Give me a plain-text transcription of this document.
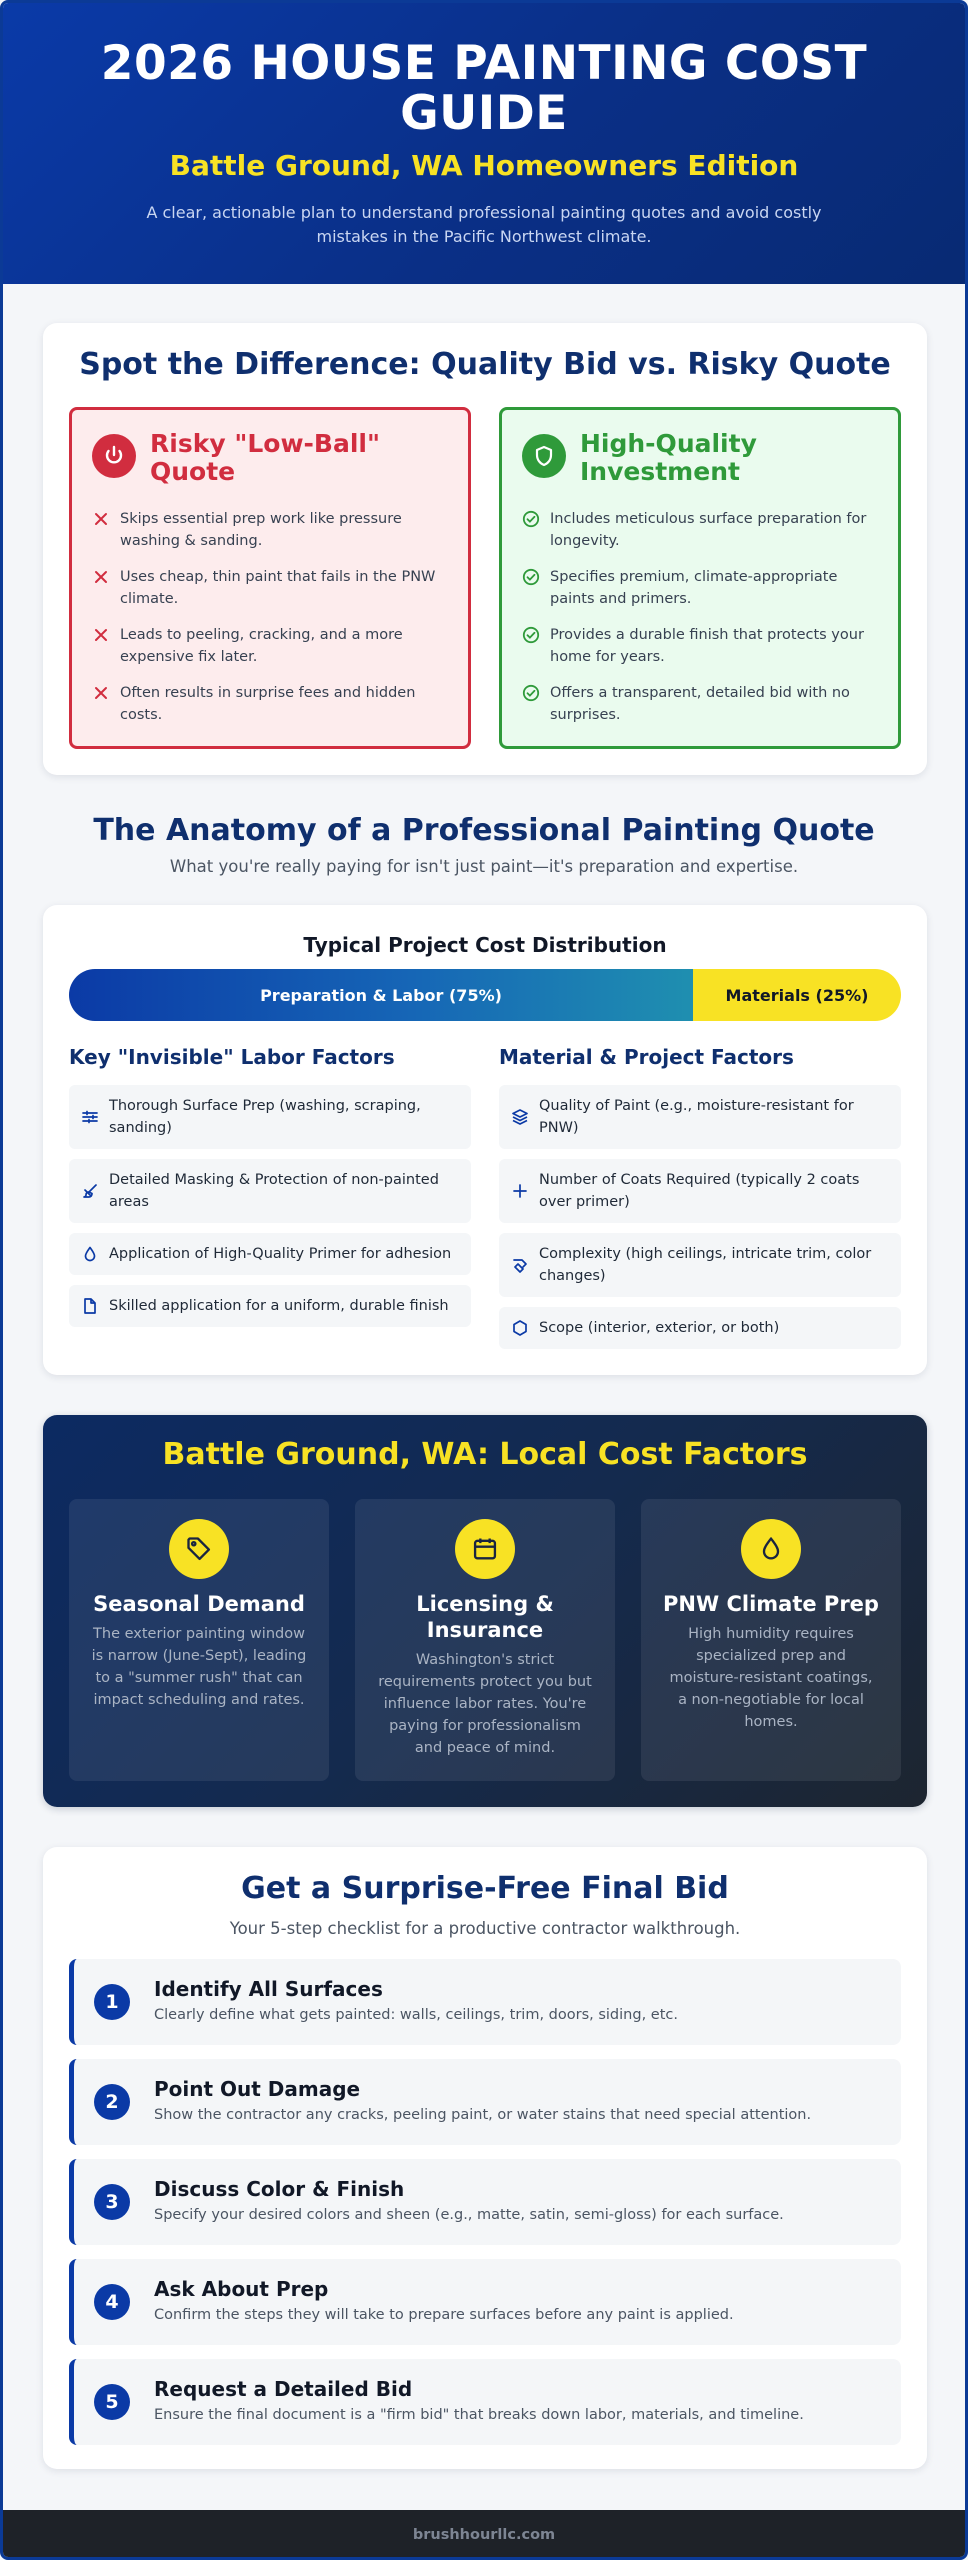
2026 HOUSE PAINTING COST GUIDE
Battle Ground, WA Homeowners Edition

A clear, actionable plan to understand professional painting quotes and avoid costly mistakes in the Pacific Northwest climate.

Spot the Difference: Quality Bid vs. Risky Quote
Risky "Low-Ball" Quote
Skips essential prep work like pressure washing & sanding.
Uses cheap, thin paint that fails in the PNW climate.
Leads to peeling, cracking, and a more expensive fix later.
Often results in surprise fees and hidden costs.
High-Quality Investment
Includes meticulous surface preparation for longevity.
Specifies premium, climate-appropriate paints and primers.
Provides a durable finish that protects your home for years.
Offers a transparent, detailed bid with no surprises.
The Anatomy of a Professional Painting Quote
What you're really paying for isn't just paint—it's preparation and expertise.
Typical Project Cost Distribution
Preparation & Labor (75%)	Materials (25%)
Key "Invisible" Labor Factors	Material & Project Factors
Thorough Surface Prep (washing, scraping, sanding)
Detailed Masking & Protection of non-painted areas
Application of High-Quality Primer for adhesion
Skilled application for a uniform, durable finish
Quality of Paint (e.g., moisture-resistant for PNW)
Number of Coats Required (typically 2 coats over primer)
Complexity (high ceilings, intricate trim, color changes)
Scope (interior, exterior, or both)
Battle Ground, WA: Local Cost Factors
Seasonal Demand
The exterior painting window is narrow (June-Sept), leading to a "summer rush" that can impact scheduling and rates.
Licensing & Insurance
Washington's strict requirements protect you but influence labor rates. You're paying for professionalism and peace of mind.
PNW Climate Prep
High humidity requires specialized prep and moisture-resistant coatings, a non-negotiable for local homes.
Get a Surprise-Free Final Bid
Your 5-step checklist for a productive contractor walkthrough.
1
Identify All Surfaces
Clearly define what gets painted: walls, ceilings, trim, doors, siding, etc.
2
Point Out Damage
Show the contractor any cracks, peeling paint, or water stains that need special attention.
3
Discuss Color & Finish
Specify your desired colors and sheen (e.g., matte, satin, semi-gloss) for each surface.
4
Ask About Prep
Confirm the steps they will take to prepare surfaces before any paint is applied.
5
Request a Detailed Bid
Ensure the final document is a "firm bid" that breaks down labor, materials, and timeline.
brushhourllc.com
